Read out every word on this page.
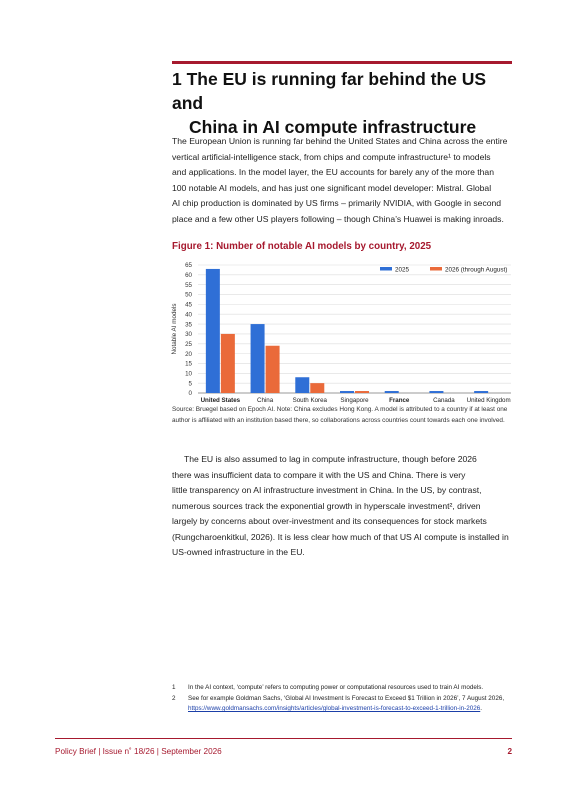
1 The EU is running far behind the US and
China in AI compute infrastructure
The European Union is running far behind the United States and China across the entire
vertical artificial-intelligence stack, from chips and compute infrastructure¹ to models
and applications. In the model layer, the EU accounts for barely any of the more than
100 notable AI models, and has just one significant model developer: Mistral. Global
AI chip production is dominated by US firms – primarily NVIDIA, with Google in second
place and a few other US players following – though China’s Huawei is making inroads.
Figure 1: Number of notable AI models by country, 2025
0
5
10
15
20
25
30
35
40
45
50
55
60
65
Notable AI models
United States	China	South Korea Singapore	France	Canada United Kingdom
2025	2026 (through August)
Source: Bruegel based on Epoch AI. Note: China excludes Hong Kong. A model is attributed to a country if at least one author is affiliated with an institution based there, so collaborations across countries count towards each one involved.
The EU is also assumed to lag in compute infrastructure, though before 2026
there was insufficient data to compare it with the US and China. There is very
little transparency on AI infrastructure investment in China. In the US, by contrast,
numerous sources track the exponential growth in hyperscale investment², driven
largely by concerns about over-investment and its consequences for stock markets
(Rungcharoenkitkul, 2026). It is less clear how much of that US AI compute is installed in
US-owned infrastructure in the EU.
1	In the AI context, ‘compute’ refers to computing power or computational resources used to train AI models.
2	See for example Goldman Sachs, ‘Global AI Investment Is Forecast to Exceed $1 Trillion in 2026’, 7 August 2026, https://www.goldmansachs.com/insights/articles/global-investment-is-forecast-to-exceed-1-trillion-in-2026.
Policy Brief | Issue n˚ 18/26 | September 2026	2
